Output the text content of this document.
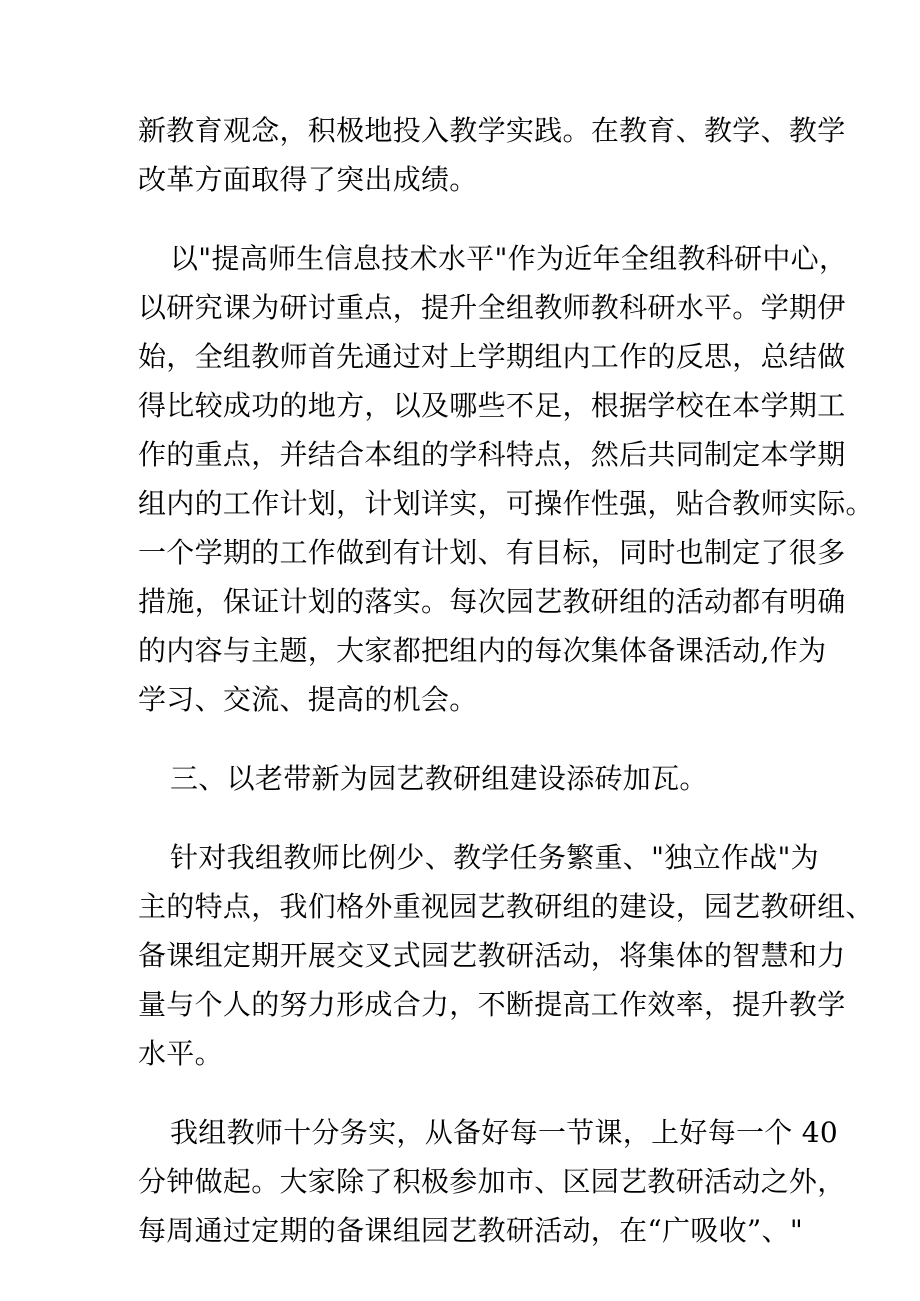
新教育观念，积极地投入教学实践。在教育、教学、教学
改革方面取得了突出成绩。

以"提高师生信息技术水平"作为近年全组教科研中心，
以研究课为研讨重点，提升全组教师教科研水平。学期伊
始，全组教师首先通过对上学期组内工作的反思，总结做
得比较成功的地方，以及哪些不足，根据学校在本学期工
作的重点，并结合本组的学科特点，然后共同制定本学期
组内的工作计划，计划详实，可操作性强，贴合教师实际。
一个学期的工作做到有计划、有目标，同时也制定了很多
措施，保证计划的落实。每次园艺教研组的活动都有明确
的内容与主题，大家都把组内的每次集体备课活动,作为
学习、交流、提高的机会。

三、以老带新为园艺教研组建设添砖加瓦。

针对我组教师比例少、教学任务繁重、"独立作战"为
主的特点，我们格外重视园艺教研组的建设，园艺教研组、
备课组定期开展交叉式园艺教研活动，将集体的智慧和力
量与个人的努力形成合力，不断提高工作效率，提升教学
水平。

我组教师十分务实，从备好每一节课，上好每一个 40
分钟做起。大家除了积极参加市、区园艺教研活动之外，
每周通过定期的备课组园艺教研活动，在“广吸收”、"
